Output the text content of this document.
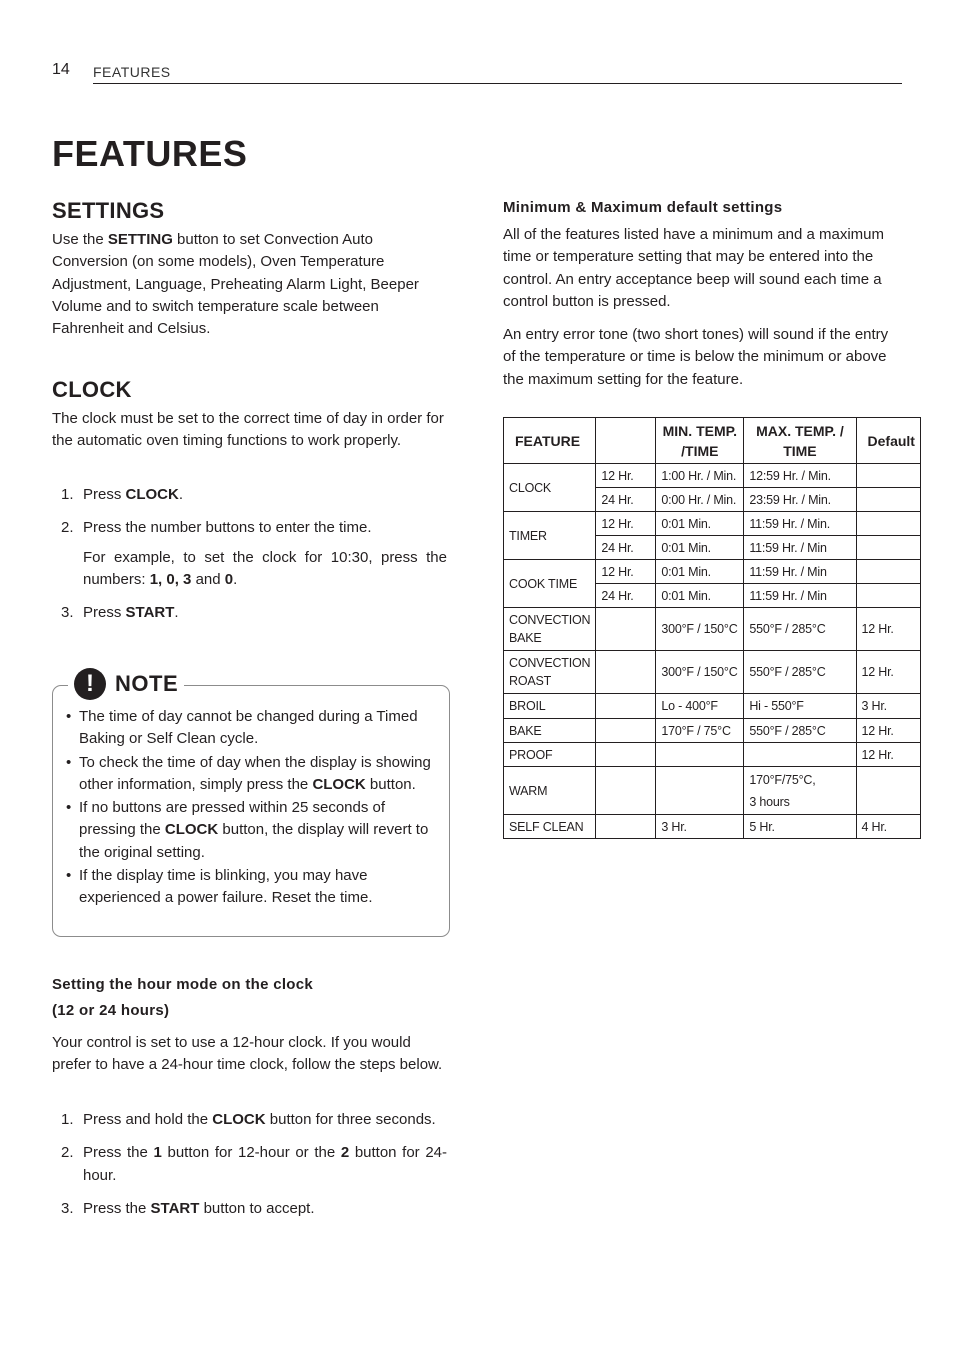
14 FEATURES
FEATURES
SETTINGS

Use the SETTING button to set Convection Auto Conversion (on some models), Oven Temperature Adjustment, Language, Preheating Alarm Light, Beeper Volume and to switch temperature scale between Fahrenheit and Celsius.

CLOCK

The clock must be set to the correct time of day in order for the automatic oven timing functions to work properly.

1. Press CLOCK.
2. Press the number buttons to enter the time.
For example, to set the clock for 10:30, press the numbers: 1, 0, 3 and 0.
3. Press START.
! NOTE
• The time of day cannot be changed during a Timed Baking or Self Clean cycle.
• To check the time of day when the display is showing other information, simply press the CLOCK button.
• If no buttons are pressed within 25 seconds of pressing the CLOCK button, the display will revert to the original setting.
• If the display time is blinking, you may have experienced a power failure. Reset the time.
Setting the hour mode on the clock
(12 or 24 hours)

Your control is set to use a 12-hour clock. If you would prefer to have a 24-hour time clock, follow the steps below.

1. Press and hold the CLOCK button for three seconds.
2. Press the 1 button for 12-hour or the 2 button for 24-hour.
3. Press the START button to accept.
Minimum & Maximum default settings

All of the features listed have a minimum and a maximum time or temperature setting that may be entered into the control. An entry acceptance beep will sound each time a control button is pressed.

An entry error tone (two short tones) will sound if the entry of the temperature or time is below the minimum or above the maximum setting for the feature.

FEATURE		MIN. TEMP. /TIME	MAX. TEMP. / TIME	Default
CLOCK	12 Hr.	1:00 Hr. / Min.	12:59 Hr. / Min.	
	24 Hr.	0:00 Hr. / Min.	23:59 Hr. / Min.	
TIMER	12 Hr.	0:01 Min.	11:59 Hr. / Min.	
	24 Hr.	0:01 Min.	11:59 Hr. / Min	
COOK TIME	12 Hr.	0:01 Min.	11:59 Hr. / Min	
	24 Hr.	0:01 Min.	11:59 Hr. / Min	
CONVECTION BAKE		300°F / 150°C	550°F / 285°C	12 Hr.
CONVECTION ROAST		300°F / 150°C	550°F / 285°C	12 Hr.
BROIL		Lo - 400°F	Hi - 550°F	3 Hr.
BAKE		170°F / 75°C	550°F / 285°C	12 Hr.
PROOF				12 Hr.
WARM			170°F/75°C, 3 hours	
SELF CLEAN		3 Hr.	5 Hr.	4 Hr.
